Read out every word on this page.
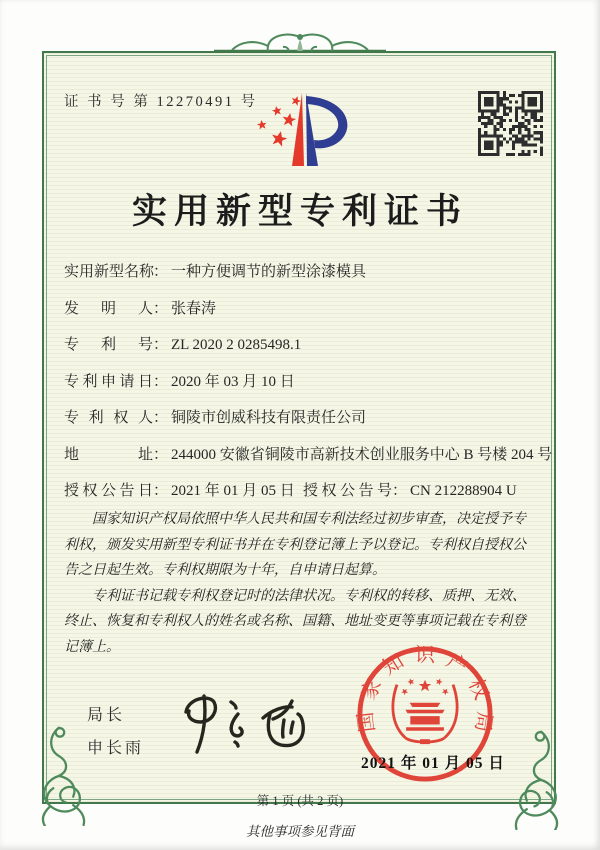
证 书 号 第 12270491 号
实用新型专利证书
实用新型名称
： 一种方便调节的新型涂漆模具
发明人 ： 张春涛
专利号 ： ZL 2020 2 0285498.1
专利申请日 ： 2020 年 03 月 10 日
专利权人 ： 铜陵市创威科技有限责任公司
地址 ： 244000 安徽省铜陵市高新技术创业服务中心 B 号楼 204 号
授权公告日 ： 2021 年 01 月 05 日 授权公告号 ： CN 212288904 U

国家知识产权局依照中华人民共和国专利法经过初步审查，决定授予专利权，颁发实用新型专利证书并在专利登记簿上予以登记。专利权自授权公告之日起生效。专利权期限为十年，自申请日起算。

专利证书记载专利权登记时的法律状况。专利权的转移、质押、无效、终止、恢复和专利权人的姓名或名称、国籍、地址变更等事项记载在专利登记簿上。

局长
申长雨
国家知识产权局
2021 年 01 月 05 日
第 1 页 (共 2 页)
其他事项参见背面
